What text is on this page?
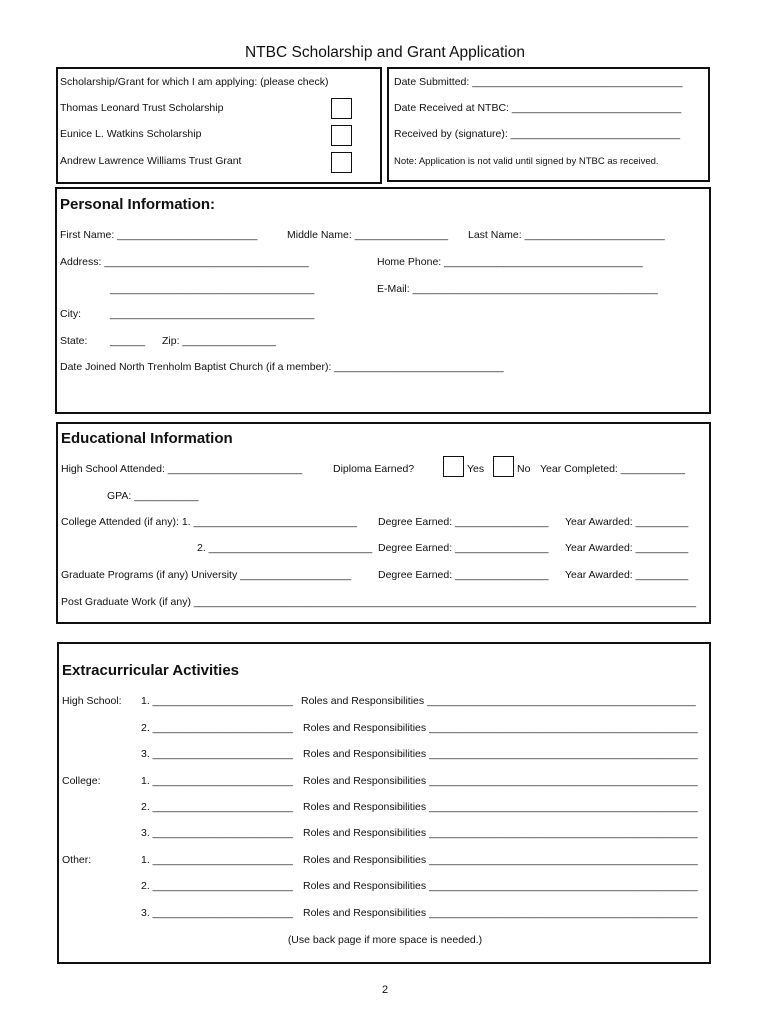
NTBC Scholarship and Grant Application
Scholarship/Grant for which I am applying: (please check)
Thomas Leonard Trust Scholarship
Eunice L. Watkins Scholarship
Andrew Lawrence Williams Trust Grant
Date Submitted: ____________________________________
Date Received at NTBC: _____________________________
Received by (signature): _____________________________
Note: Application is not valid until signed by NTBC as received.
Personal Information:
First Name: ________________________	Middle Name: ________________ Last Name: ________________________
Address: ___________________________________	Home Phone: __________________________________
___________________________________	E-Mail: __________________________________________
City:	___________________________________
State: ______ Zip: ________________
Date Joined North Trenholm Baptist Church (if a member): _____________________________
Educational Information
High School Attended: _______________________	Diploma Earned?	Yes	No Year Completed: ___________
GPA: ___________
College Attended (if any): 1. ____________________________ Degree Earned: ________________ Year Awarded: _________
2. ____________________________ Degree Earned: ________________ Year Awarded: _________
Graduate Programs (if any) University ___________________	Degree Earned: ________________ Year Awarded: _________
Post Graduate Work (if any) ______________________________________________________________________________________
Extracurricular Activities
High School: 1. ________________________ Roles and Responsibilities ______________________________________________
2. ________________________ Roles and Responsibilities ______________________________________________
3. ________________________ Roles and Responsibilities ______________________________________________
College:	1. ________________________ Roles and Responsibilities ______________________________________________
2. ________________________ Roles and Responsibilities ______________________________________________
3. ________________________ Roles and Responsibilities ______________________________________________
Other:	1. ________________________ Roles and Responsibilities ______________________________________________
2. ________________________ Roles and Responsibilities ______________________________________________
3. ________________________ Roles and Responsibilities ______________________________________________
(Use back page if more space is needed.)
2
